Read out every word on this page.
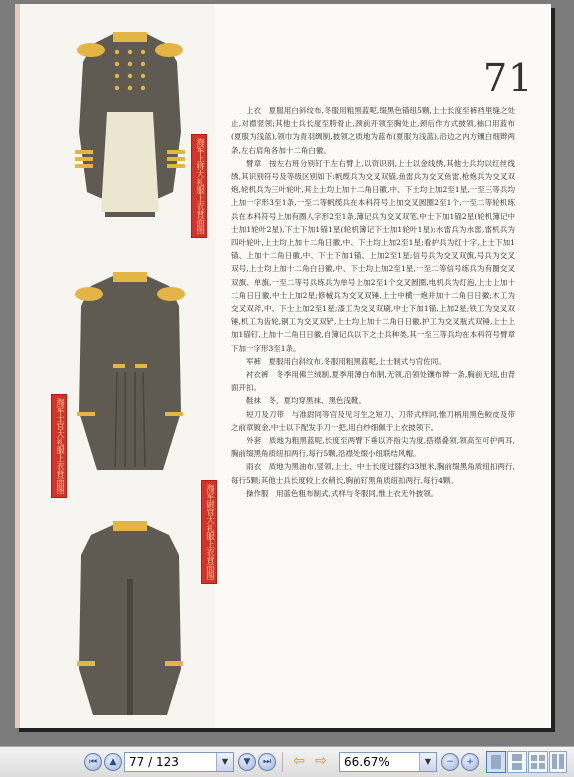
海军上将大礼服上衣背面图
海军士官大礼服上衣背面图
海军尉官大礼服上衣背面图
71

上衣　夏服用白斜纹布,冬服用粗黑蓝呢,缀黑色锚纽5颗,上士长度至裤裆里缝之处止,对襟竖领;其他士兵长度至胯骨止,颈前开领至胸处止,颈后作方式披领,袖口用蓝布(夏服为浅蓝),领巾为青羽绸制,披领之质地为蓝布(夏服为浅蓝),沿边之内方镶白细辫两条,左右肩角各加十二角白徽。

臂章　按左右班分别钉于左右臂上,以资识别,上士以金线绣,其他士兵均以红丝线绣,其识别符号及等级区别如下:帆缆兵为交叉双锚,鱼雷兵为交叉鱼雷,枪炮兵为交叉双炮,轮机兵为三叶轮叶,其上士均上加十二角日徽,中、下士均上加2至1星,一至三等兵均上加一字形3至1条,一至二等帆缆兵在本科符号上加交叉圆圈2至1个,一至二等轮机练兵在本科符号上加有圈人字形2至1条,簿记兵为交叉双笔,中士下加1锚2星(轮机簿记中士加1轮叶2星),下士下加1锚1星(轮机簿记下士加1轮叶1星);水雷兵为水雷,雷机兵为四叶轮叶,上士均上加十二角日徽,中、下士均上加2至1星;看护兵为红十字,上士下加1锚、上加十二角日徽,中、下士下加1锚、上加2至1星;信号兵为交叉双旗,号兵为交叉双号,上士均上加十二角白日徽,中、下士均上加2至1星,一至二等信号练兵为有圈交叉双旗、单旗,一至二等号兵练兵为单号上加2至1个交叉圆圈,电机兵为灯泡,上士上加十二角日日徽,中士上加2星;修械兵为交叉双锤,上士中横一炮并加十二角日日徽;木工为交叉双斧,中、下士上加2至1星;漆工为交叉双刷,中士下加1锚,上加2星;铁工为交叉双锤,机工为齿轮,铜工为交叉双铲,上士均上加十二角日日徽,护工为交叉瓶式双锤,上士上加1锚钉,上加十二角日日徽,自簿记兵以下之士兵种类,其一至三等兵均在本科符号臂章下加一字形3至1条。

军裤　夏服用白斜纹布,冬服用粗黑蓝呢,上士制式与官佐同。

衬衣裤　冬季用佛兰绒制,夏季用薄白布制,无领,沿领处镶布辫一条,胸前无纽,由背面开扣。

鞋袜　冬、夏均穿黑袜、黑色浅靴。

短刀及刀带　与准尉同等官及见习生之短刀、刀带式样同,惟刀柄用黑色鲛皮及带之前章镀金,中士以下配发手刀一把,用白纱细佩于上衣披领下。

外套　质地为粗黑蓝呢,长度至两臂下垂以齐指尖为度,搭襟叠领,领高至可护两耳,胸前缀黑角质纽扣两行,每行5颗,沿襟处缀小纽联结风帽。

雨衣　质地为黑油布,竖领,上士、中士长度过膝约33厘米,胸前缀黑角质纽扣两行,每行5颗;其他士兵长度较上衣稍长,胸前钉黑角质纽扣两行,每行4颗。

操作服　用蓝色粗布制式,式样与冬服同,惟上衣无外披领。

⏮	▲	77 / 123	▼	▼	⏭ ⇦ ⇨ 66.67%	▼	−	+
